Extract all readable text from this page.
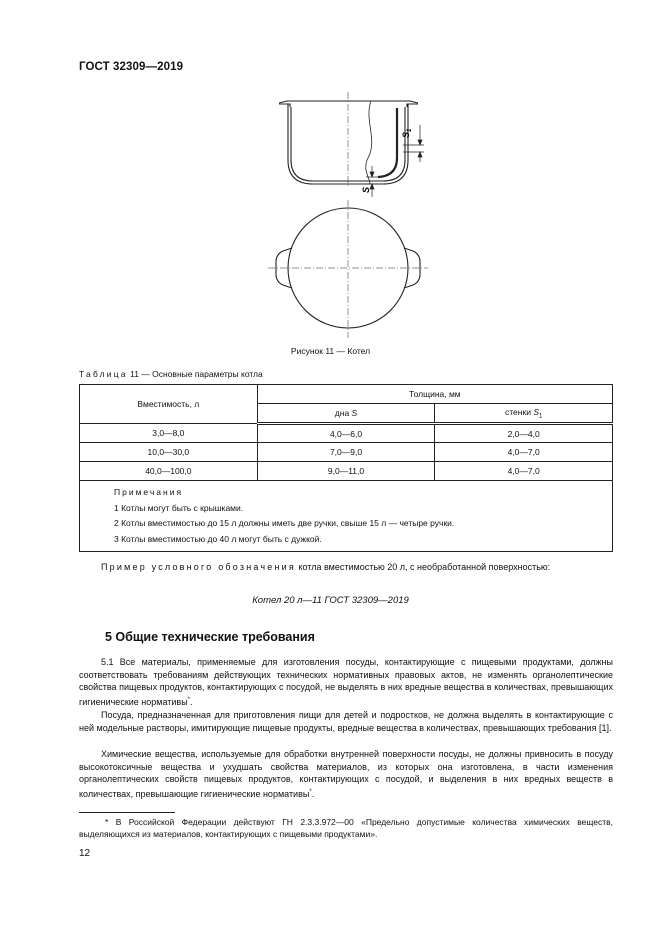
ГОСТ 32309—2019
$S_1$
S
Рисунок 11 — Котел
Таблица 11 — Основные параметры котла
Вместимость, л	Толщина, мм	
	дна S	стенки $S_1$
3,0—8,0	4,0—6,0	2,0—4,0
10,0—30,0	7,0—9,0	4,0—7,0
40,0—100,0	9,0—11,0	4,0—7,0

Примечания
1 Котлы могут быть с крышками.
2 Котлы вместимостью до 15 л должны иметь две ручки, свыше 15 л — четыре ручки.
3 Котлы вместимостью до 40 л могут быть с дужкой.		
Пример условного обозначения котла вместимостью 20 л, с необработанной поверхностью:
Котел 20 л—11 ГОСТ 32309—2019
5 Общие технические требования
5.1 Все материалы, применяемые для изготовления посуды, контактирующие с пищевыми продуктами, должны соответствовать требованиям действующих технических нормативных правовых актов, не изменять органолептические свойства пищевых продуктов, контактирующих с посудой, не выделять в них вредные вещества в количествах, превышающих гигиенические нормативы*.
Посуда, предназначенная для приготовления пищи для детей и подростков, не должна выделять в контактирующие с ней модельные растворы, имитирующие пищевые продукты, вредные вещества в количествах, превышающих требования [1].
Химические вещества, используемые для обработки внутренней поверхности посуды, не должны привносить в посуду высокотоксичные вещества и ухудшать свойства материалов, из которых она изготовлена, в части изменения органолептических свойств пищевых продуктов, контактирующих с посудой, и выделения в них вредных веществ в количествах, превышающие гигиенические нормативы*.
* В Российской Федерации действуют ГН 2.3.3.972—00 «Предельно допустимые количества химических веществ, выделяющихся из материалов, контактирующих с пищевыми продуктами».
12
